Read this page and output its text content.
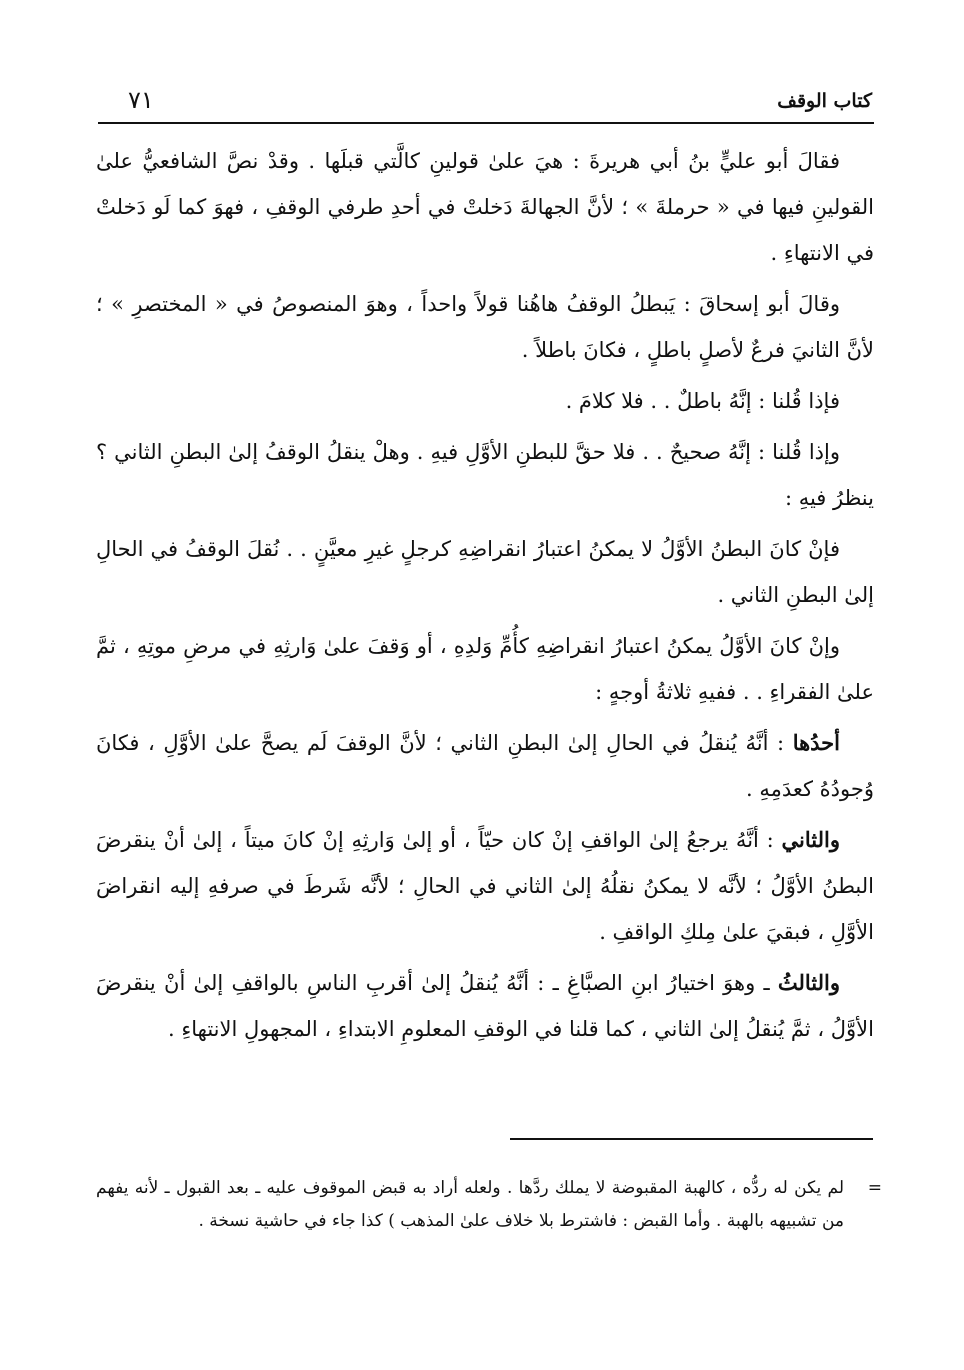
كتاب الوقف
٧١

فقالَ أبو عليٍّ بنُ أبي هريرةَ : هيَ علىٰ قولينِ كالَّتي قبلَها . وقدْ نصَّ الشافعيُّ علىٰ القولينِ فيها في « حرملةَ » ؛ لأنَّ الجهالةَ دَخلتْ في أحدِ طرفي الوقفِ ، فهوَ كما لَو دَخلتْ في الانتهاءِ .

وقالَ أبو إسحاقَ : يَبطلُ الوقفُ هاهُنا قولاً واحداً ، وهوَ المنصوصُ في « المختصرِ » ؛ لأنَّ الثانيَ فرعٌ لأصلٍ باطلٍ ، فكانَ باطلاً .

فإذا قُلنا : إنَّهُ باطلٌ . . فلا كلامَ .

وإذا قُلنا : إنَّهُ صحيحٌ . . فلا حقَّ للبطنِ الأوَّلِ فيهِ . وهلْ ينقلُ الوقفُ إلىٰ البطنِ الثاني ؟ ينظرُ فيهِ :

فإنْ كانَ البطنُ الأوَّلُ لا يمكنُ اعتبارُ انقراضِهِ كرجلٍ غيرِ معيَّنٍ . . نُقلَ الوقفُ في الحالِ إلىٰ البطنِ الثاني .

وإنْ كانَ الأوَّلُ يمكنُ اعتبارُ انقراضِهِ كأُمِّ وَلدِهِ ، أو وَقفَ علىٰ وَارثِهِ في مرضِ موتِهِ ، ثمَّ علىٰ الفقراءِ . . ففيهِ ثلاثةُ أوجهٍ :

أحدُها : أنَّهُ يُنقلُ في الحالِ إلىٰ البطنِ الثاني ؛ لأنَّ الوقفَ لَم يصحَّ علىٰ الأوَّلِ ، فكانَ وُجودُهُ كعدَمِهِ .

والثاني : أنَّهُ يرجعُ إلىٰ الواقفِ إنْ كان حيّاً ، أو إلىٰ وَارثِهِ إنْ كانَ ميتاً ، إلىٰ أنْ ينقرضَ البطنُ الأوَّلُ ؛ لأنَّه لا يمكنُ نقلُهُ إلىٰ الثاني في الحالِ ؛ لأنَّه شَرطَ في صرفهِ إليه انقراضَ الأوَّلِ ، فبقيَ علىٰ مِلكِ الواقفِ .

والثالثُ ـ وهوَ اختيارُ ابنِ الصبَّاغِ ـ : أنَّهُ يُنقلُ إلىٰ أقربِ الناسِ بالواقفِ إلىٰ أنْ ينقرضَ الأوَّلُ ، ثمَّ يُنقلُ إلىٰ الثاني ، كما قلنا في الوقفِ المعلومِ الابتداءِ ، المجهولِ الانتهاءِ .

=
لم يكن له ردُّه ، كالهبة المقبوضة لا يملك ردَّها . ولعله أراد به قبض الموقوف عليه ـ بعد القبول ـ لأنه يفهم من تشبيهه بالهبة . وأما القبض : فاشترط بلا خلاف علىٰ المذهب ) كذا جاء في حاشية نسخة .
